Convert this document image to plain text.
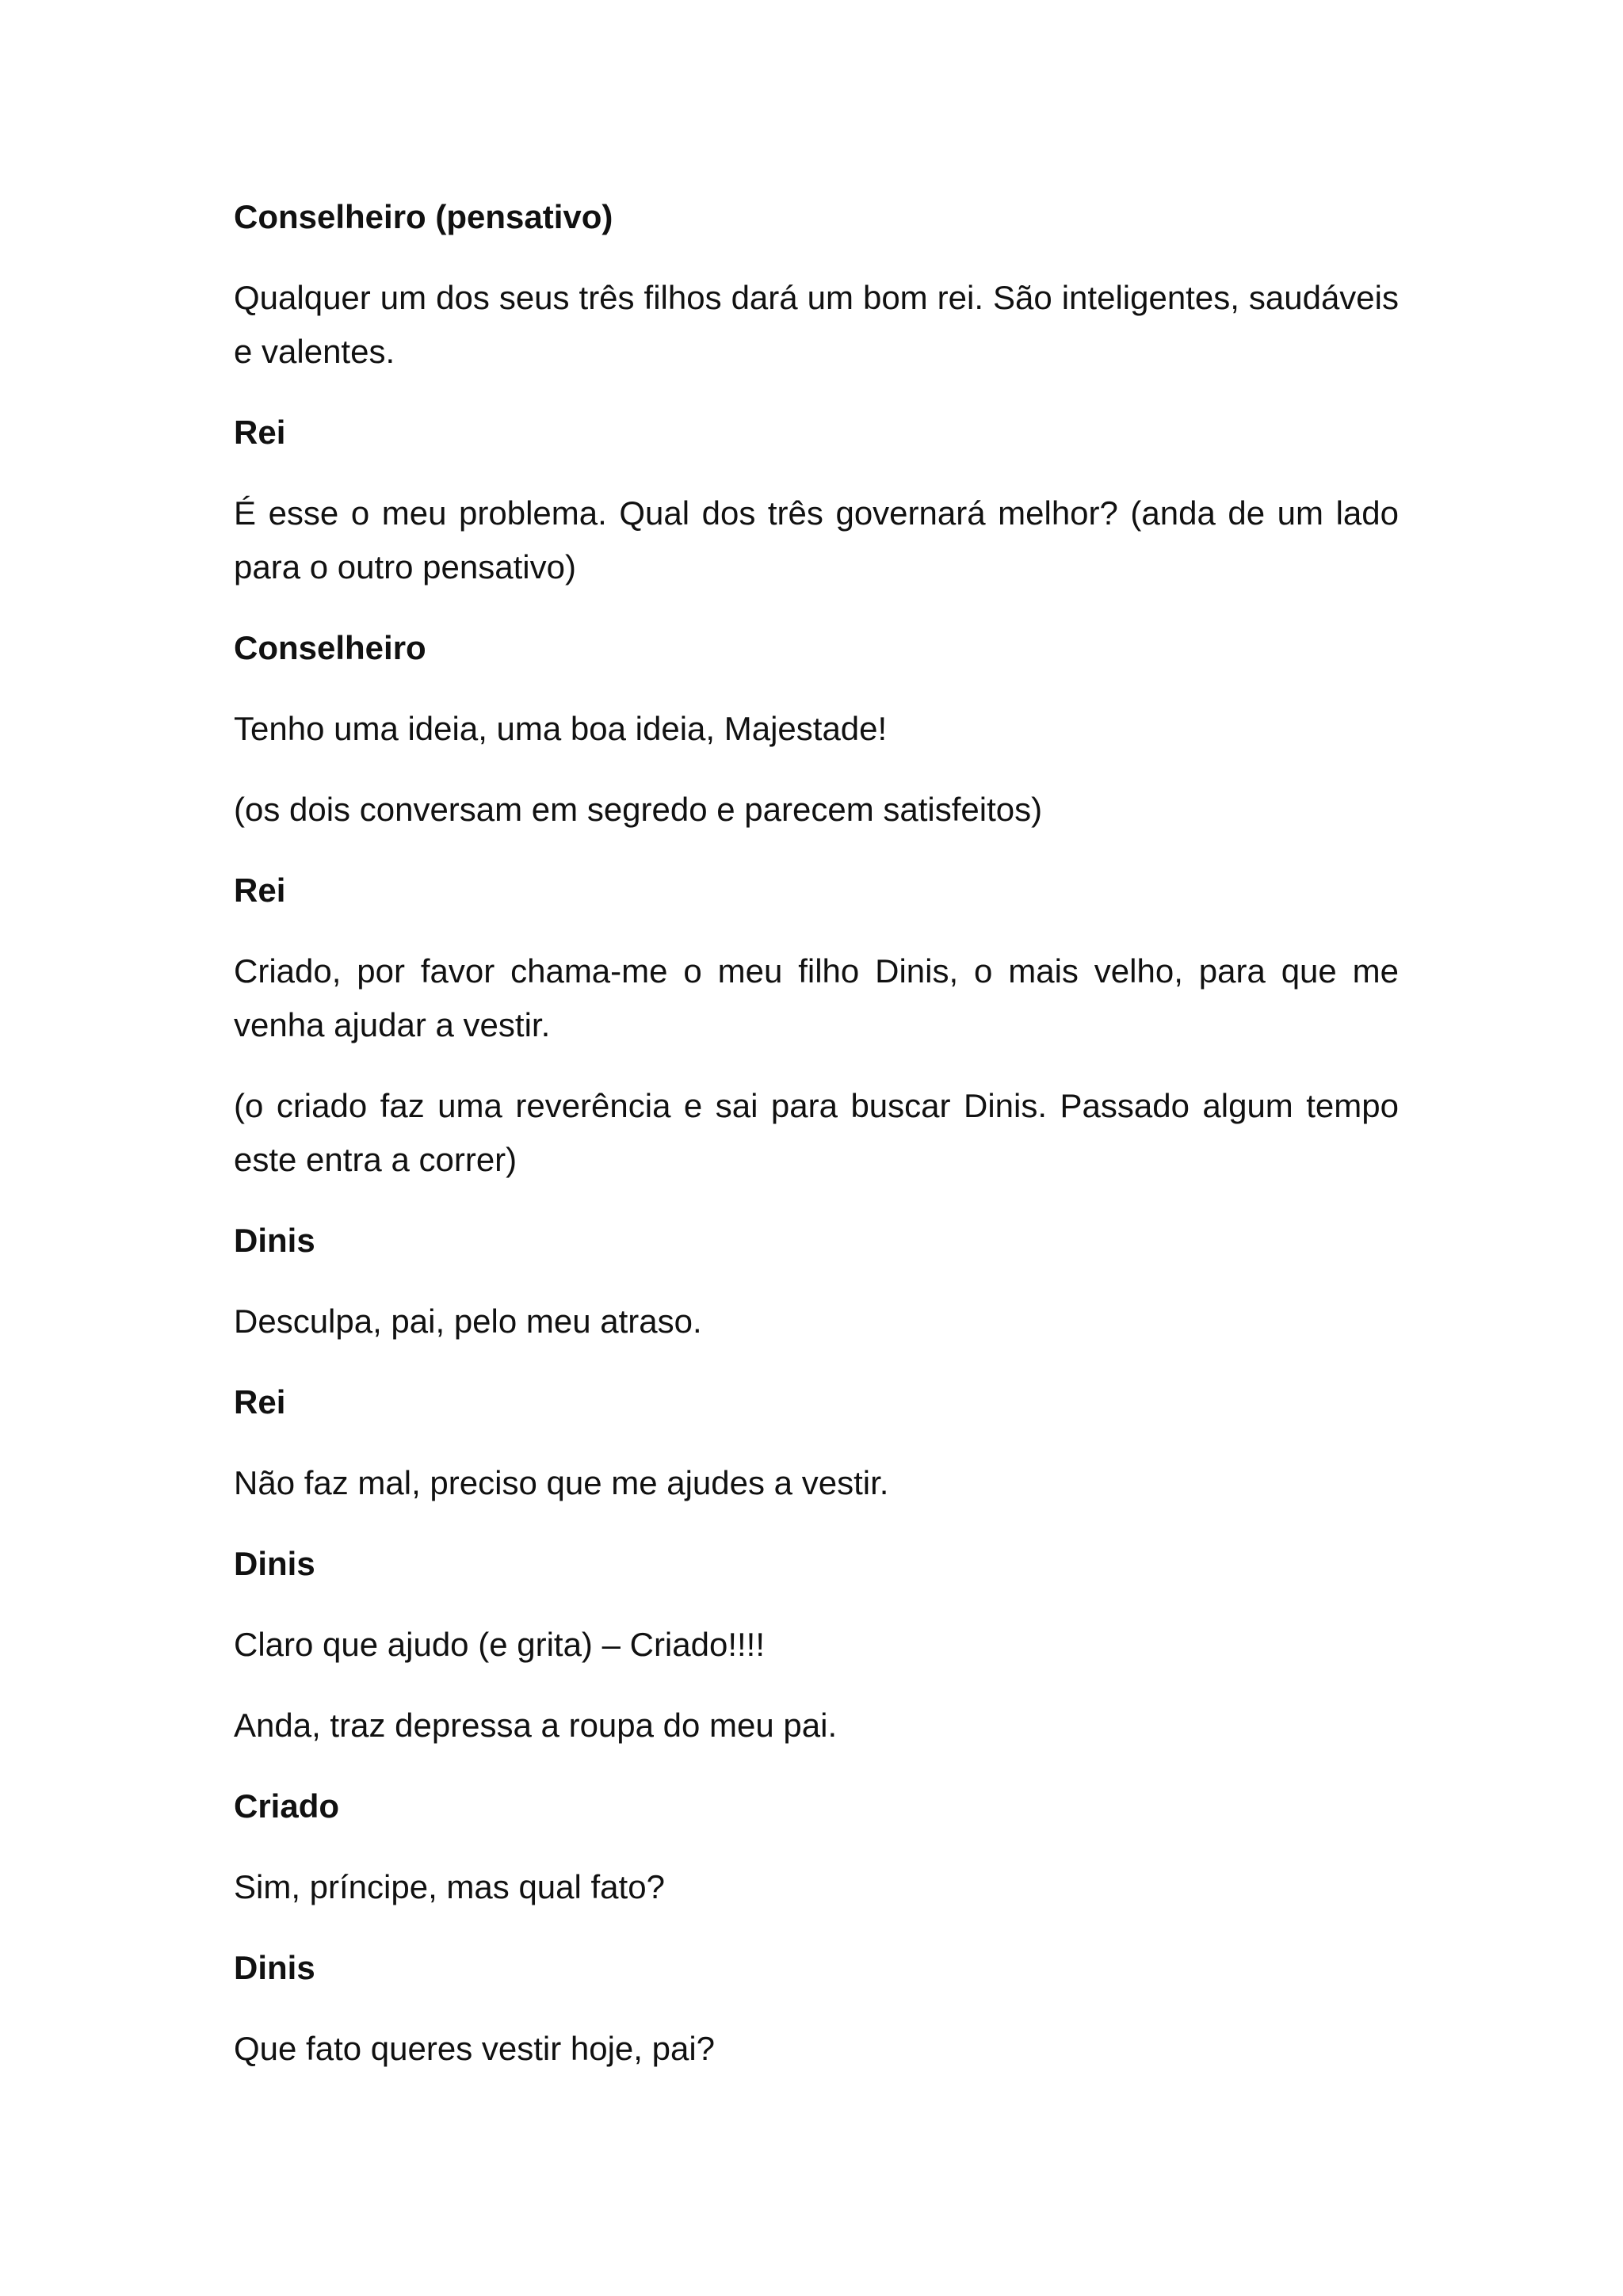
Conselheiro (pensativo)
Qualquer um dos seus três filhos dará um bom rei. São inteligentes, saudáveis e valentes.
Rei
É esse o meu problema. Qual dos três governará melhor? (anda de um lado para o outro pensativo)
Conselheiro
Tenho uma ideia, uma boa ideia, Majestade!
(os dois conversam em segredo e parecem satisfeitos)
Rei
Criado, por favor chama-me o meu filho Dinis, o mais velho, para que me venha ajudar a vestir.
(o criado faz uma reverência e sai para buscar Dinis. Passado algum tempo este entra a correr)
Dinis
Desculpa, pai, pelo meu atraso.
Rei
Não faz mal, preciso que me ajudes a vestir.
Dinis
Claro que ajudo (e grita) – Criado!!!!
Anda, traz depressa a roupa do meu pai.
Criado
Sim, príncipe, mas qual fato?
Dinis
Que fato queres vestir hoje, pai?
